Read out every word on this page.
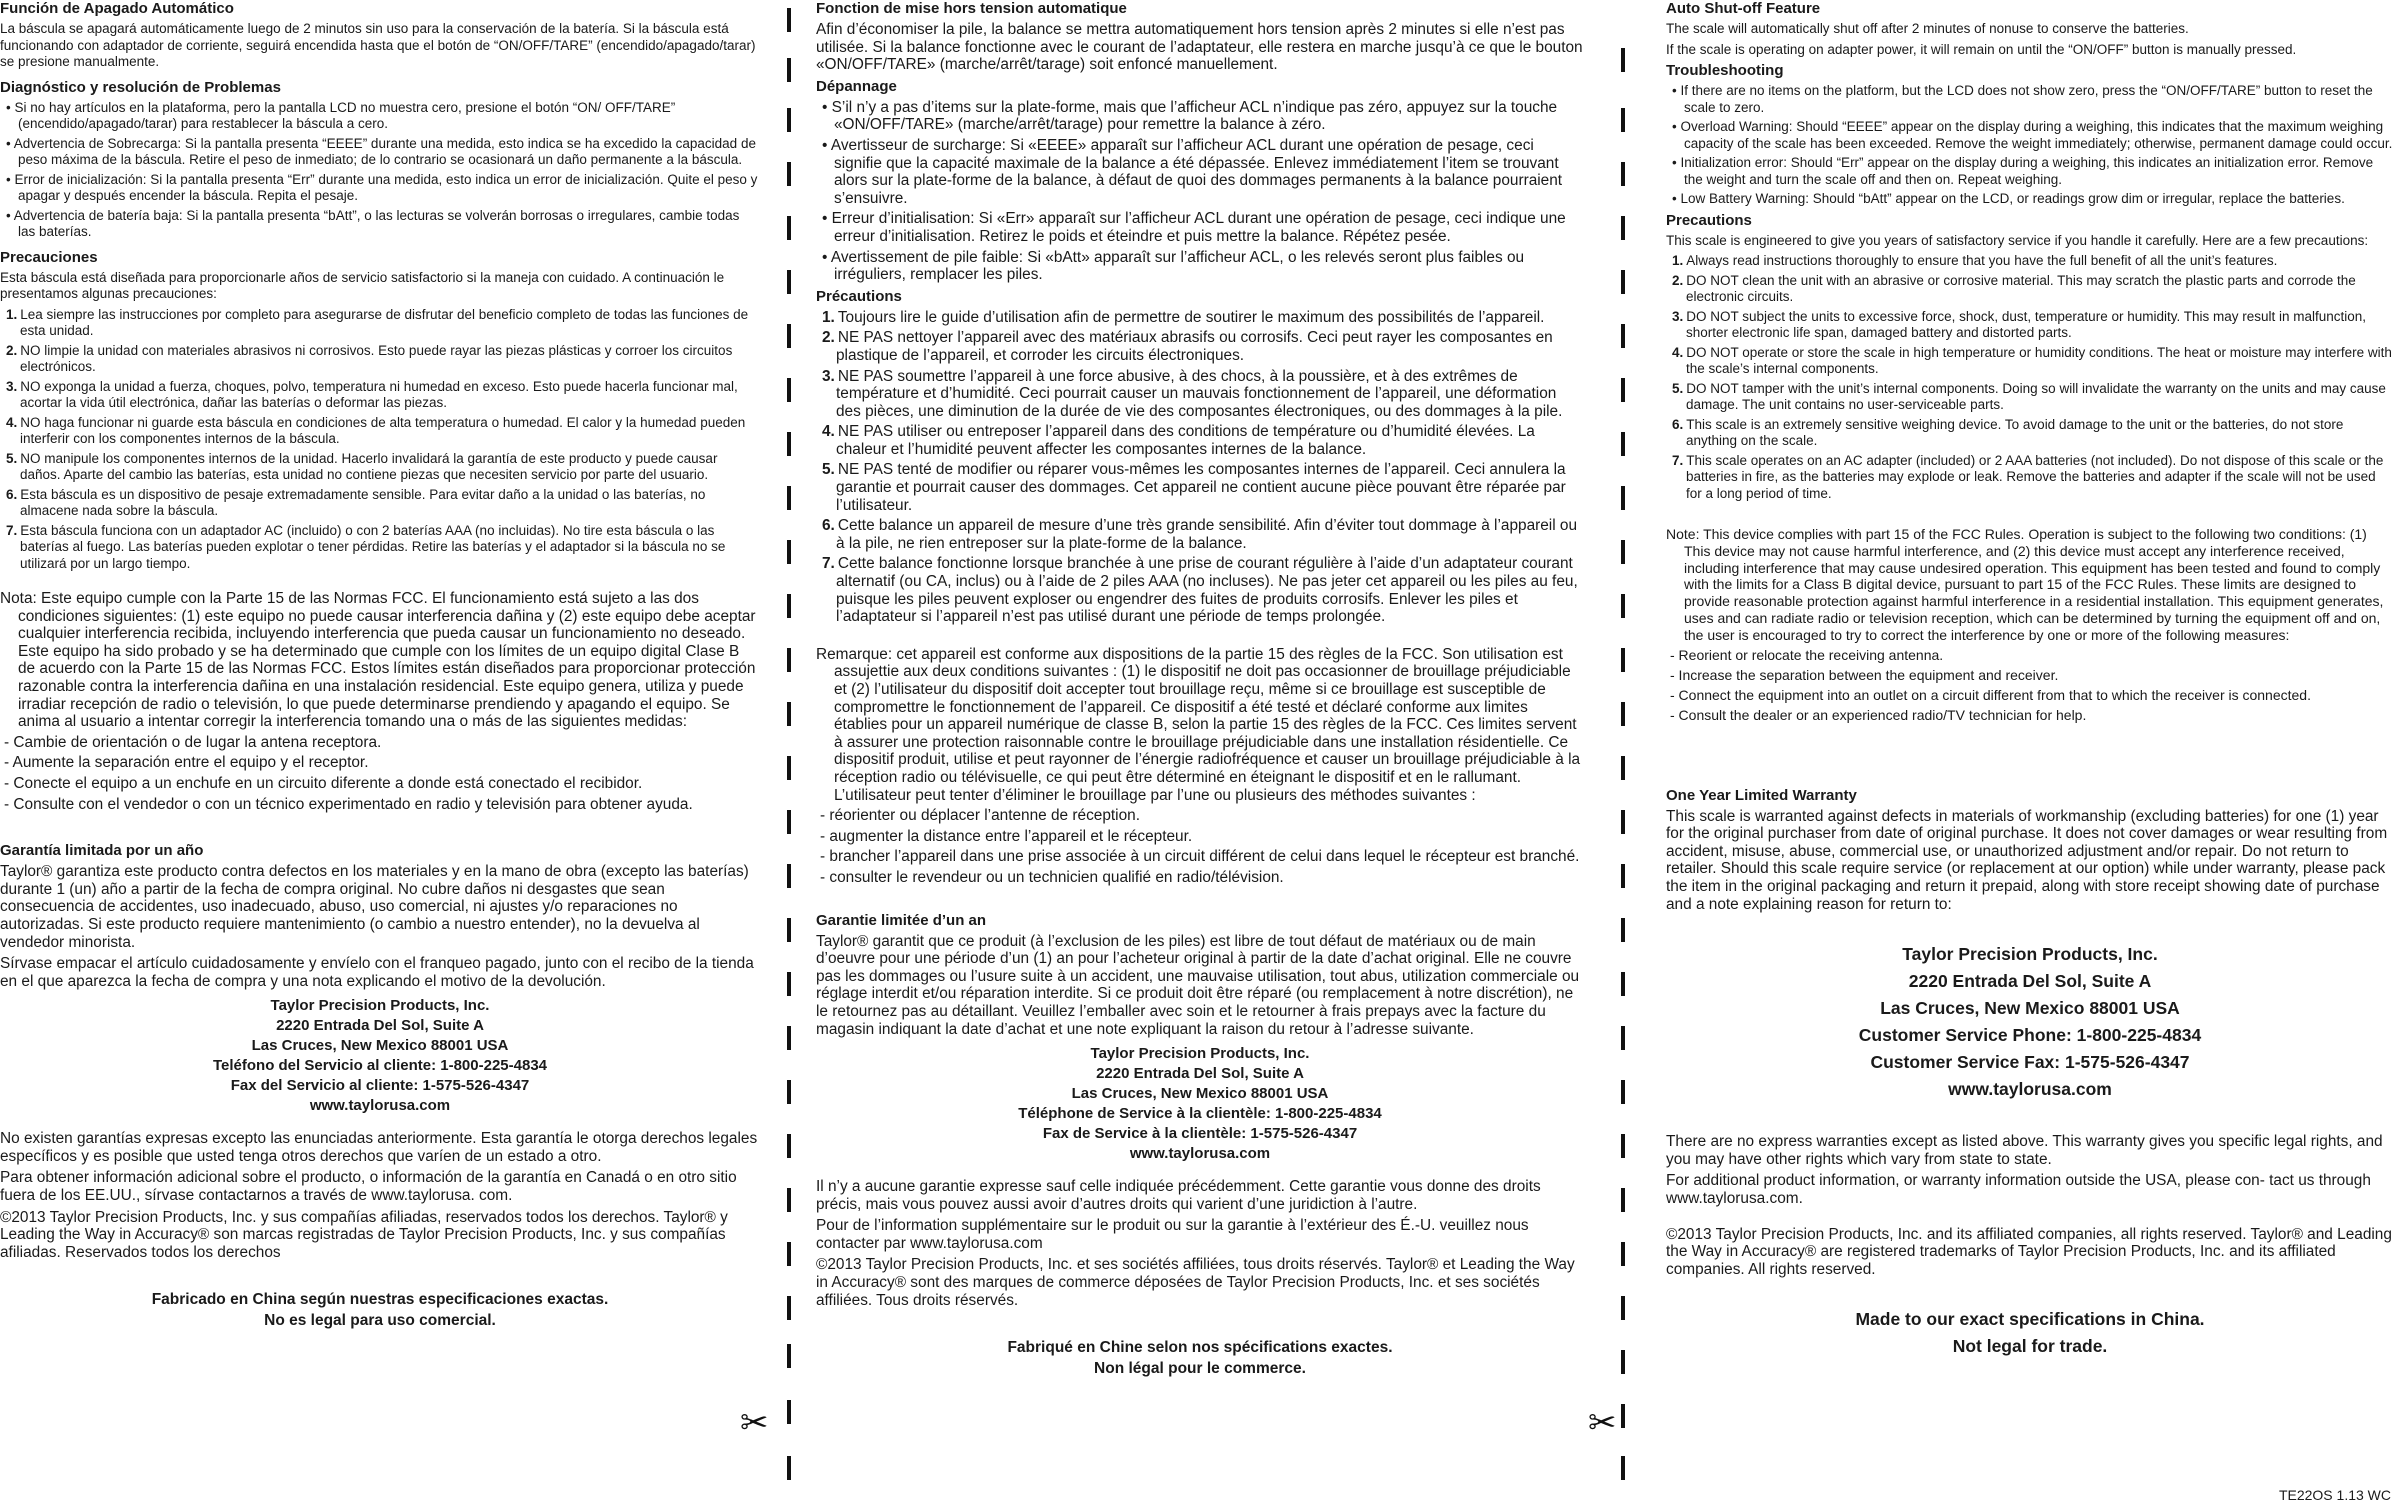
Función de Apagado Automático
La báscula se apagará automáticamente luego de 2 minutos sin uso para la conservación de la batería. Si la báscula está funcionando con adaptador de corriente, seguirá encendida hasta que el botón de “ON/OFF/TARE” (encendido/apagado/tarar) se presione manualmente.
Diagnóstico y resolución de Problemas
• Si no hay artículos en la plataforma, pero la pantalla LCD no muestra cero, presione el botón “ON/ OFF/TARE” (encendido/apagado/tarar) para restablecer la báscula a cero.
• Advertencia de Sobrecarga: Si la pantalla presenta “EEEE” durante una medida, esto indica se ha excedido la capacidad de peso máxima de la báscula. Retire el peso de inmediato; de lo contrario se ocasionará un daño permanente a la báscula.
• Error de inicialización: Si la pantalla presenta “Err” durante una medida, esto indica un error de inicialización. Quite el peso y apagar y después encender la báscula. Repita el pesaje.
• Advertencia de batería baja: Si la pantalla presenta “bAtt”, o las lecturas se volverán borrosas o irregulares, cambie todas las baterías.
Precauciones
Esta báscula está diseñada para proporcionarle años de servicio satisfactorio si la maneja con cuidado. A continuación le presentamos algunas precauciones:
1. Lea siempre las instrucciones por completo para asegurarse de disfrutar del beneficio completo de todas las funciones de esta unidad.
2. NO limpie la unidad con materiales abrasivos ni corrosivos. Esto puede rayar las piezas plásticas y corroer los circuitos electrónicos.
3. NO exponga la unidad a fuerza, choques, polvo, temperatura ni humedad en exceso. Esto puede hacerla funcionar mal, acortar la vida útil electrónica, dañar las baterías o deformar las piezas.
4. NO haga funcionar ni guarde esta báscula en condiciones de alta temperatura o humedad. El calor y la humedad pueden interferir con los componentes internos de la báscula.
5. NO manipule los componentes internos de la unidad. Hacerlo invalidará la garantía de este producto y puede causar daños. Aparte del cambio las baterías, esta unidad no contiene piezas que necesiten servicio por parte del usuario.
6. Esta báscula es un dispositivo de pesaje extremadamente sensible. Para evitar daño a la unidad o las baterías, no almacene nada sobre la báscula.
7. Esta báscula funciona con un adaptador AC (incluido) o con 2 baterías AAA (no incluidas). No tire esta báscula o las baterías al fuego. Las baterías pueden explotar o tener pérdidas. Retire las baterías y el adaptador si la báscula no se utilizará por un largo tiempo.
Nota: Este equipo cumple con la Parte 15 de las Normas FCC. El funcionamiento está sujeto a las dos condiciones siguientes: (1) este equipo no puede causar interferencia dañina y (2) este equipo debe aceptar cualquier interferencia recibida, incluyendo interferencia que pueda causar un funcionamiento no deseado. Este equipo ha sido probado y se ha determinado que cumple con los límites de un equipo digital Clase B de acuerdo con la Parte 15 de las Normas FCC. Estos límites están diseñados para proporcionar protección razonable contra la interferencia dañina en una instalación residencial. Este equipo genera, utiliza y puede irradiar recepción de radio o televisión, lo que puede determinarse prendiendo y apagando el equipo. Se anima al usuario a intentar corregir la interferencia tomando una o más de las siguientes medidas:
- Cambie de orientación o de lugar la antena receptora.
- Aumente la separación entre el equipo y el receptor.
- Conecte el equipo a un enchufe en un circuito diferente a donde está conectado el recibidor.
- Consulte con el vendedor o con un técnico experimentado en radio y televisión para obtener ayuda.
Garantía limitada por un año
Taylor® garantiza este producto contra defectos en los materiales y en la mano de obra (excepto las baterías) durante 1 (un) año a partir de la fecha de compra original. No cubre daños ni desgastes que sean consecuencia de accidentes, uso inadecuado, abuso, uso comercial, ni ajustes y/o reparaciones no autorizadas. Si este producto requiere mantenimiento (o cambio a nuestro entender), no la devuelva al vendedor minorista.
Sírvase empacar el artículo cuidadosamente y envíelo con el franqueo pagado, junto con el recibo de la tienda en el que aparezca la fecha de compra y una nota explicando el motivo de la devolución.
Taylor Precision Products, Inc.
2220 Entrada Del Sol, Suite A
Las Cruces, New Mexico 88001 USA
Teléfono del Servicio al cliente: 1-800-225-4834
Fax del Servicio al cliente: 1-575-526-4347
www.taylorusa.com
No existen garantías expresas excepto las enunciadas anteriormente. Esta garantía le otorga derechos legales específicos y es posible que usted tenga otros derechos que varíen de un estado a otro.
Para obtener información adicional sobre el producto, o información de la garantía en Canadá o en otro sitio fuera de los EE.UU., sírvase contactarnos a través de www.taylorusa. com.
©2013 Taylor Precision Products, Inc. y sus compañías afiliadas, reservados todos los derechos. Taylor® y Leading the Way in Accuracy® son marcas registradas de Taylor Precision Products, Inc. y sus compañías afiliadas. Reservados todos los derechos
Fabricado en China según nuestras especificaciones exactas.
No es legal para uso comercial.
✂
Fonction de mise hors tension automatique
Afin d’économiser la pile, la balance se mettra automatiquement hors tension après 2 minutes si elle n’est pas utilisée. Si la balance fonctionne avec le courant de l’adaptateur, elle restera en marche jusqu’à ce que le bouton «ON/OFF/TARE» (marche/arrêt/tarage) soit enfoncé manuellement.
Dépannage
• S’il n’y a pas d’items sur la plate-forme, mais que l’afficheur ACL n’indique pas zéro, appuyez sur la touche «ON/OFF/TARE» (marche/arrêt/tarage) pour remettre la balance à zéro.
• Avertisseur de surcharge: Si «EEEE» apparaît sur l’afficheur ACL durant une opération de pesage, ceci signifie que la capacité maximale de la balance a été dépassée. Enlevez immédiatement l’item se trouvant alors sur la plate-forme de la balance, à défaut de quoi des dommages permanents à la balance pourraient s’ensuivre.
• Erreur d’initialisation: Si «Err» apparaît sur l’afficheur ACL durant une opération de pesage, ceci indique une erreur d’initialisation. Retirez le poids et éteindre et puis mettre la balance. Répétez pesée.
• Avertissement de pile faible: Si «bAtt» apparaît sur l’afficheur ACL, o les relevés seront plus faibles ou irréguliers, remplacer les piles.
Précautions
1. Toujours lire le guide d’utilisation afin de permettre de soutirer le maximum des possibilités de l’appareil.
2. NE PAS nettoyer l’appareil avec des matériaux abrasifs ou corrosifs. Ceci peut rayer les composantes en plastique de l’appareil, et corroder les circuits électroniques.
3. NE PAS soumettre l’appareil à une force abusive, à des chocs, à la poussière, et à des extrêmes de température et d’humidité. Ceci pourrait causer un mauvais fonctionnement de l’appareil, une déformation des pièces, une diminution de la durée de vie des composantes électroniques, ou des dommages à la pile.
4. NE PAS utiliser ou entreposer l’appareil dans des conditions de température ou d’humidité élevées. La chaleur et l’humidité peuvent affecter les composantes internes de la balance.
5. NE PAS tenté de modifier ou réparer vous-mêmes les composantes internes de l’appareil. Ceci annulera la garantie et pourrait causer des dommages. Cet appareil ne contient aucune pièce pouvant être réparée par l’utilisateur.
6. Cette balance un appareil de mesure d’une très grande sensibilité. Afin d’éviter tout dommage à l’appareil ou à la pile, ne rien entreposer sur la plate-forme de la balance.
7. Cette balance fonctionne lorsque branchée à une prise de courant régulière à l’aide d’un adaptateur courant alternatif (ou CA, inclus) ou à l’aide de 2 piles AAA (no incluses). Ne pas jeter cet appareil ou les piles au feu, puisque les piles peuvent exploser ou engendrer des fuites de produits corrosifs. Enlever les piles et l’adaptateur si l’appareil n’est pas utilisé durant une période de temps prolongée.
Remarque: cet appareil est conforme aux dispositions de la partie 15 des règles de la FCC. Son utilisation est assujettie aux deux conditions suivantes : (1) le dispositif ne doit pas occasionner de brouillage préjudiciable et (2) l’utilisateur du dispositif doit accepter tout brouillage reçu, même si ce brouillage est susceptible de compromettre le fonctionnement de l’appareil. Ce dispositif a été testé et déclaré conforme aux limites établies pour un appareil numérique de classe B, selon la partie 15 des règles de la FCC. Ces limites servent à assurer une protection raisonnable contre le brouillage préjudiciable dans une installation résidentielle. Ce dispositif produit, utilise et peut rayonner de l’énergie radiofréquence et causer un brouillage préjudiciable à la réception radio ou télévisuelle, ce qui peut être déterminé en éteignant le dispositif et en le rallumant. L’utilisateur peut tenter d’éliminer le brouillage par l’une ou plusieurs des méthodes suivantes :
- réorienter ou déplacer l’antenne de réception.
- augmenter la distance entre l’appareil et le récepteur.
- brancher l’appareil dans une prise associée à un circuit différent de celui dans lequel le récepteur est branché.
- consulter le revendeur ou un technicien qualifié en radio/télévision.
Garantie limitée d’un an
Taylor® garantit que ce produit (à l’exclusion de les piles) est libre de tout défaut de matériaux ou de main d’oeuvre pour une période d’un (1) an pour l’acheteur original à partir de la date d’achat original. Elle ne couvre pas les dommages ou l’usure suite à un accident, une mauvaise utilisation, tout abus, utilization commerciale ou réglage interdit et/ou réparation interdite. Si ce produit doit être réparé (ou remplacement à notre discrétion), ne le retournez pas au détaillant. Veuillez l’emballer avec soin et le retourner à frais prepays avec la facture du magasin indiquant la date d’achat et une note expliquant la raison du retour à l’adresse suivante.
Taylor Precision Products, Inc.
2220 Entrada Del Sol, Suite A
Las Cruces, New Mexico 88001 USA
Téléphone de Service à la clientèle: 1-800-225-4834
Fax de Service à la clientèle: 1-575-526-4347
www.taylorusa.com
Il n’y a aucune garantie expresse sauf celle indiquée précédemment. Cette garantie vous donne des droits précis, mais vous pouvez aussi avoir d’autres droits qui varient d’une juridiction à l’autre.
Pour de l’information supplémentaire sur le produit ou sur la garantie à l’extérieur des É.-U. veuillez nous contacter par www.taylorusa.com
©2013 Taylor Precision Products, Inc. et ses sociétés affiliées, tous droits réservés. Taylor® et Leading the Way in Accuracy® sont des marques de commerce déposées de Taylor Precision Products, Inc. et ses sociétés affiliées. Tous droits réservés.
Fabriqué en Chine selon nos spécifications exactes.
Non légal pour le commerce.
✂
Auto Shut-off Feature
The scale will automatically shut off after 2 minutes of nonuse to conserve the batteries.
If the scale is operating on adapter power, it will remain on until the “ON/OFF” button is manually pressed.
Troubleshooting
• If there are no items on the platform, but the LCD does not show zero, press the “ON/OFF/TARE” button to reset the scale to zero.
• Overload Warning: Should “EEEE” appear on the display during a weighing, this indicates that the maximum weighing capacity of the scale has been exceeded. Remove the weight immediately; otherwise, permanent damage could occur.
• Initialization error: Should “Err” appear on the display during a weighing, this indicates an initialization error. Remove the weight and turn the scale off and then on. Repeat weighing.
• Low Battery Warning: Should “bAtt” appear on the LCD, or readings grow dim or irregular, replace the batteries.
Precautions
This scale is engineered to give you years of satisfactory service if you handle it carefully. Here are a few precautions:
1. Always read instructions thoroughly to ensure that you have the full benefit of all the unit’s features.
2. DO NOT clean the unit with an abrasive or corrosive material. This may scratch the plastic parts and corrode the electronic circuits.
3. DO NOT subject the units to excessive force, shock, dust, temperature or humidity. This may result in malfunction, shorter electronic life span, damaged battery and distorted parts.
4. DO NOT operate or store the scale in high temperature or humidity conditions. The heat or moisture may interfere with the scale’s internal components.
5. DO NOT tamper with the unit’s internal components. Doing so will invalidate the warranty on the units and may cause damage. The unit contains no user-serviceable parts.
6. This scale is an extremely sensitive weighing device. To avoid damage to the unit or the batteries, do not store anything on the scale.
7. This scale operates on an AC adapter (included) or 2 AAA batteries (not included). Do not dispose of this scale or the batteries in fire, as the batteries may explode or leak. Remove the batteries and adapter if the scale will not be used for a long period of time.
Note: This device complies with part 15 of the FCC Rules. Operation is subject to the following two conditions: (1) This device may not cause harmful interference, and (2) this device must accept any interference received, including interference that may cause undesired operation. This equipment has been tested and found to comply with the limits for a Class B digital device, pursuant to part 15 of the FCC Rules. These limits are designed to provide reasonable protection against harmful interference in a residential installation. This equipment generates, uses and can radiate radio or television reception, which can be determined by turning the equipment off and on, the user is encouraged to try to correct the interference by one or more of the following measures:
- Reorient or relocate the receiving antenna.
- Increase the separation between the equipment and receiver.
- Connect the equipment into an outlet on a circuit different from that to which the receiver is connected.
- Consult the dealer or an experienced radio/TV technician for help.
One Year Limited Warranty
This scale is warranted against defects in materials of workmanship (excluding batteries) for one (1) year for the original purchaser from date of original purchase. It does not cover damages or wear resulting from accident, misuse, abuse, commercial use, or unauthorized adjustment and/or repair. Do not return to retailer. Should this scale require service (or replacement at our option) while under warranty, please pack the item in the original packaging and return it prepaid, along with store receipt showing date of purchase and a note explaining reason for return to:
Taylor Precision Products, Inc.
2220 Entrada Del Sol, Suite A
Las Cruces, New Mexico 88001 USA
Customer Service Phone: 1-800-225-4834
Customer Service Fax: 1-575-526-4347
www.taylorusa.com
There are no express warranties except as listed above. This warranty gives you specific legal rights, and you may have other rights which vary from state to state.
For additional product information, or warranty information outside the USA, please con- tact us through www.taylorusa.com.
©2013 Taylor Precision Products, Inc. and its affiliated companies, all rights reserved. Taylor® and Leading the Way in Accuracy® are registered trademarks of Taylor Precision Products, Inc. and its affiliated companies. All rights reserved.
Made to our exact specifications in China.
Not legal for trade.
TE22OS 1.13 WC
